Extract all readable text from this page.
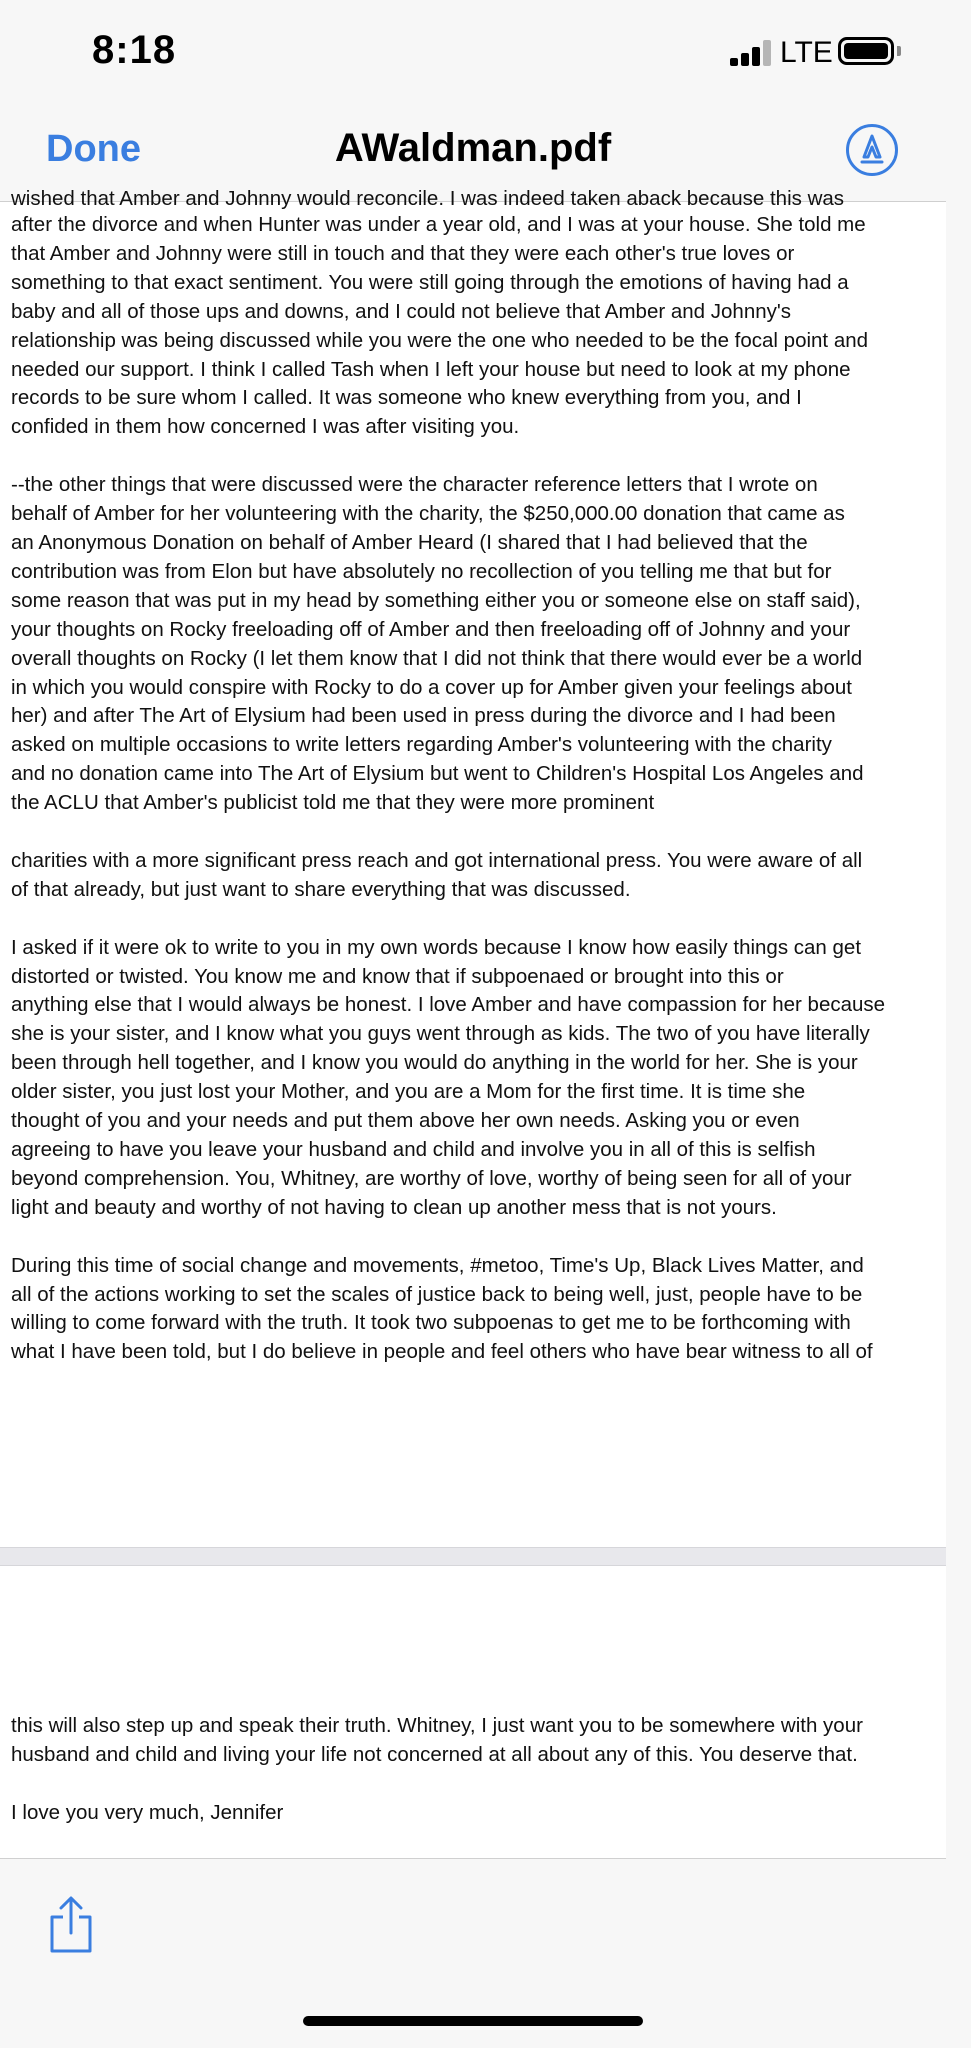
8:18	LTE
Done	AWaldman.pdf
wished that Amber and Johnny would reconcile. I was indeed taken aback because this was
after the divorce and when Hunter was under a year old, and I was at your house. She told me
that Amber and Johnny were still in touch and that they were each other's true loves or
something to that exact sentiment. You were still going through the emotions of having had a
baby and all of those ups and downs, and I could not believe that Amber and Johnny's
relationship was being discussed while you were the one who needed to be the focal point and
needed our support. I think I called Tash when I left your house but need to look at my phone
records to be sure whom I called. It was someone who knew everything from you, and I
confided in them how concerned I was after visiting you.

--the other things that were discussed were the character reference letters that I wrote on
behalf of Amber for her volunteering with the charity, the $250,000.00 donation that came as
an Anonymous Donation on behalf of Amber Heard (I shared that I had believed that the
contribution was from Elon but have absolutely no recollection of you telling me that but for
some reason that was put in my head by something either you or someone else on staff said),
your thoughts on Rocky freeloading off of Amber and then freeloading off of Johnny and your
overall thoughts on Rocky (I let them know that I did not think that there would ever be a world
in which you would conspire with Rocky to do a cover up for Amber given your feelings about
her) and after The Art of Elysium had been used in press during the divorce and I had been
asked on multiple occasions to write letters regarding Amber's volunteering with the charity
and no donation came into The Art of Elysium but went to Children's Hospital Los Angeles and
the ACLU that Amber's publicist told me that they were more prominent

charities with a more significant press reach and got international press. You were aware of all
of that already, but just want to share everything that was discussed.

I asked if it were ok to write to you in my own words because I know how easily things can get
distorted or twisted. You know me and know that if subpoenaed or brought into this or
anything else that I would always be honest. I love Amber and have compassion for her because
she is your sister, and I know what you guys went through as kids. The two of you have literally
been through hell together, and I know you would do anything in the world for her. She is your
older sister, you just lost your Mother, and you are a Mom for the first time. It is time she
thought of you and your needs and put them above her own needs. Asking you or even
agreeing to have you leave your husband and child and involve you in all of this is selfish
beyond comprehension. You, Whitney, are worthy of love, worthy of being seen for all of your
light and beauty and worthy of not having to clean up another mess that is not yours.

During this time of social change and movements, #metoo, Time's Up, Black Lives Matter, and
all of the actions working to set the scales of justice back to being well, just, people have to be
willing to come forward with the truth. It took two subpoenas to get me to be forthcoming with
what I have been told, but I do believe in people and feel others who have bear witness to all of
this will also step up and speak their truth. Whitney, I just want you to be somewhere with your
husband and child and living your life not concerned at all about any of this. You deserve that.

I love you very much, Jennifer
